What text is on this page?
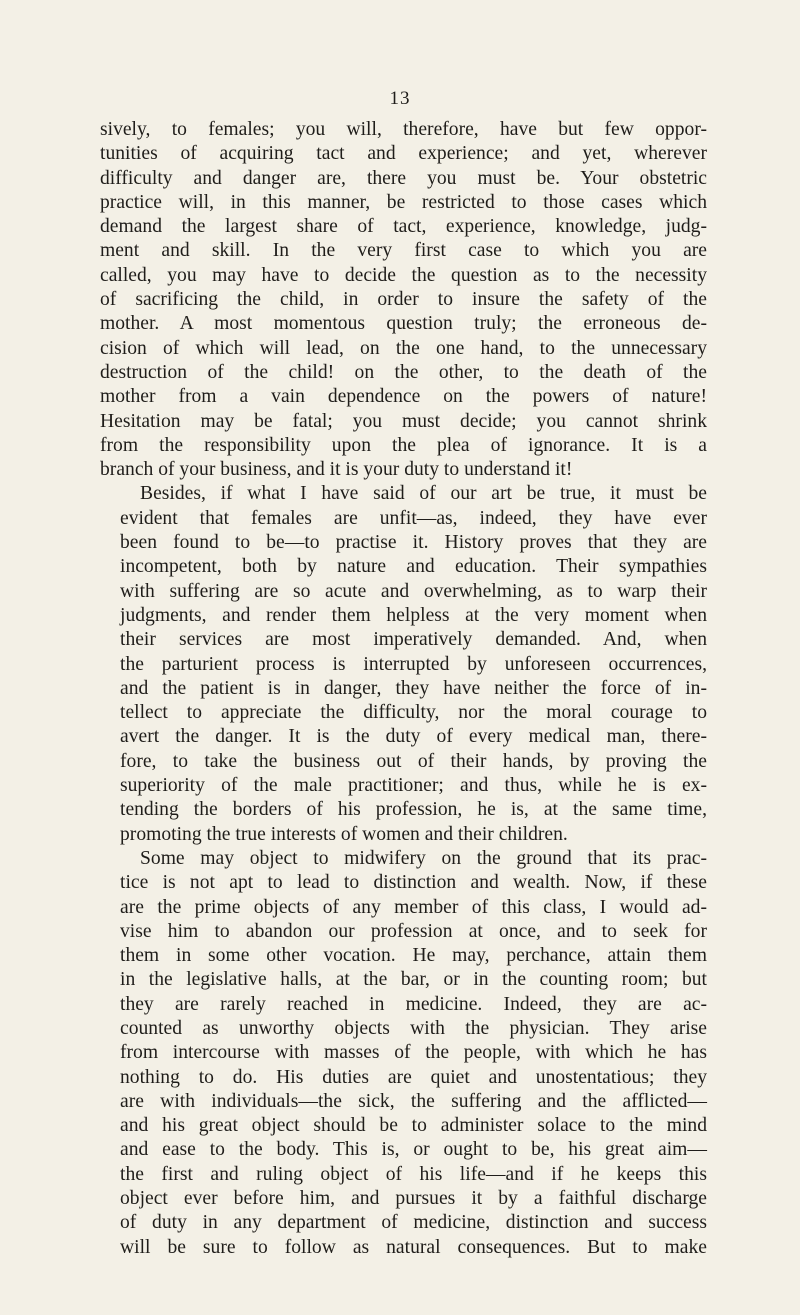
13

sively, to females; you will, therefore, have but few oppor-
tunities of acquiring tact and experience; and yet, wherever
difficulty and danger are, there you must be. Your obstetric
practice will, in this manner, be restricted to those cases which
demand the largest share of tact, experience, knowledge, judg-
ment and skill. In the very first case to which you are
called, you may have to decide the question as to the necessity
of sacrificing the child, in order to insure the safety of the
mother. A most momentous question truly; the erroneous de-
cision of which will lead, on the one hand, to the unnecessary
destruction of the child! on the other, to the death of the
mother from a vain dependence on the powers of nature!
Hesitation may be fatal; you must decide; you cannot shrink
from the responsibility upon the plea of ignorance. It is a
branch of your business, and it is your duty to understand it!

Besides, if what I have said of our art be true, it must be
evident that females are unfit—as, indeed, they have ever
been found to be—to practise it. History proves that they are
incompetent, both by nature and education. Their sympathies
with suffering are so acute and overwhelming, as to warp their
judgments, and render them helpless at the very moment when
their services are most imperatively demanded. And, when
the parturient process is interrupted by unforeseen occurrences,
and the patient is in danger, they have neither the force of in-
tellect to appreciate the difficulty, nor the moral courage to
avert the danger. It is the duty of every medical man, there-
fore, to take the business out of their hands, by proving the
superiority of the male practitioner; and thus, while he is ex-
tending the borders of his profession, he is, at the same time,
promoting the true interests of women and their children.

Some may object to midwifery on the ground that its prac-
tice is not apt to lead to distinction and wealth. Now, if these
are the prime objects of any member of this class, I would ad-
vise him to abandon our profession at once, and to seek for
them in some other vocation. He may, perchance, attain them
in the legislative halls, at the bar, or in the counting room; but
they are rarely reached in medicine. Indeed, they are ac-
counted as unworthy objects with the physician. They arise
from intercourse with masses of the people, with which he has
nothing to do. His duties are quiet and unostentatious; they
are with individuals—the sick, the suffering and the afflicted—
and his great object should be to administer solace to the mind
and ease to the body. This is, or ought to be, his great aim—
the first and ruling object of his life—and if he keeps this
object ever before him, and pursues it by a faithful discharge
of duty in any department of medicine, distinction and success
will be sure to follow as natural consequences. But to make
